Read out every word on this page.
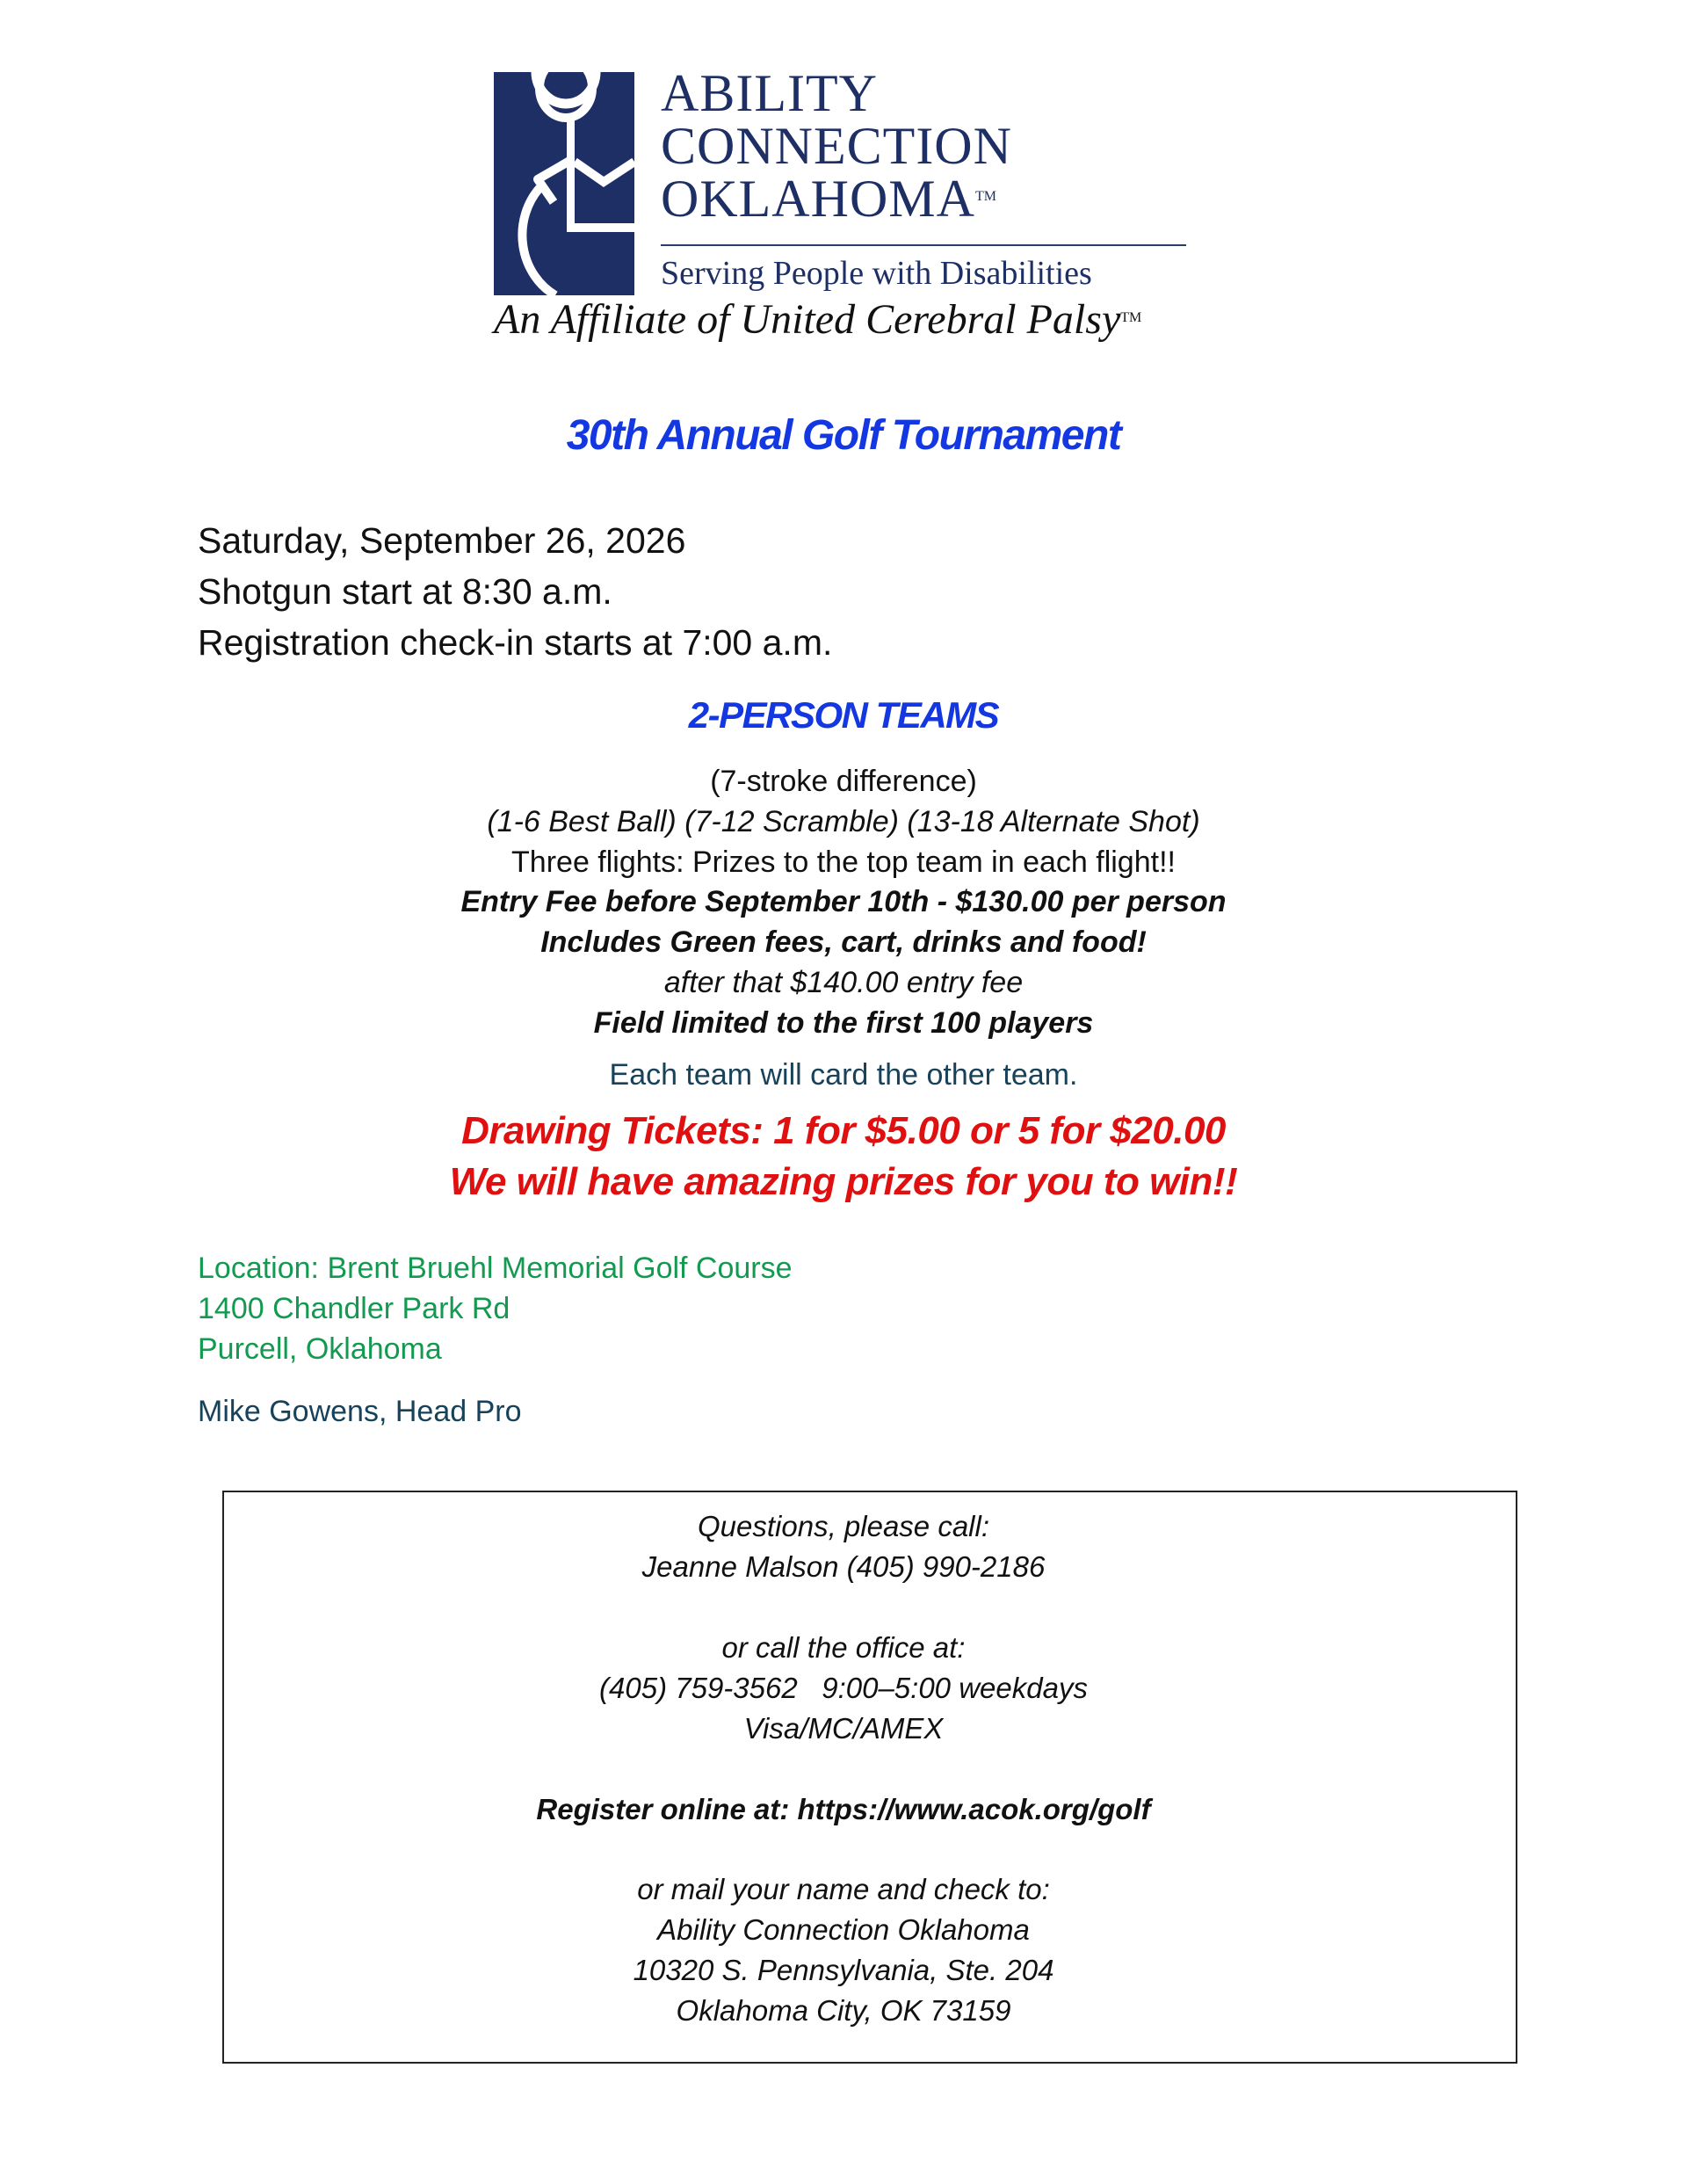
ABILITY
CONNECTION
OKLAHOMA™
Serving People with Disabilities
An Affiliate of United Cerebral Palsy™
30th Annual Golf Tournament
Saturday, September 26, 2026
Shotgun start at 8:30 a.m.
Registration check-in starts at 7:00 a.m.
2-PERSON TEAMS
(7-stroke difference)
(1-6 Best Ball) (7-12 Scramble) (13-18 Alternate Shot)
Three flights: Prizes to the top team in each flight!!
Entry Fee before September 10th - $130.00 per person
Includes Green fees, cart, drinks and food!
after that $140.00 entry fee
Field limited to the first 100 players
Each team will card the other team.
Drawing Tickets: 1 for $5.00 or 5 for $20.00
We will have amazing prizes for you to win!!
Location: Brent Bruehl Memorial Golf Course
1400 Chandler Park Rd
Purcell, Oklahoma
Mike Gowens, Head Pro
Questions, please call:
Jeanne Malson (405) 990-2186
or call the office at:
(405) 759-3562   9:00–5:00 weekdays
Visa/MC/AMEX
Register online at: https://www.acok.org/golf
or mail your name and check to:
Ability Connection Oklahoma
10320 S. Pennsylvania, Ste. 204
Oklahoma City, OK 73159
